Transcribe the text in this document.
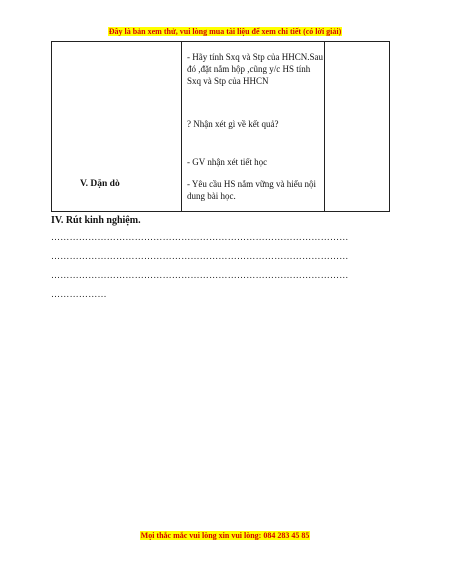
Đây là bản xem thử, vui lòng mua tài liệu để xem chi tiết (có lời giải)
V. Dặn dò
- Hãy tính Sxq và Stp của HHCN.Sau đó ,đặt nắm hộp ,cũng y/c HS tính Sxq và Stp của HHCN
? Nhận xét gì về kết quả?
- GV nhận xét tiết học
- Yêu cầu HS nắm vững và hiểu nội dung bài học.
IV. Rút kinh nghiệm.
……………………………………………………………………………………
……………………………………………………………………………………
……………………………………………………………………………………
………………
Mọi thắc mắc vui lòng xin vui lòng: 084 283 45 85
